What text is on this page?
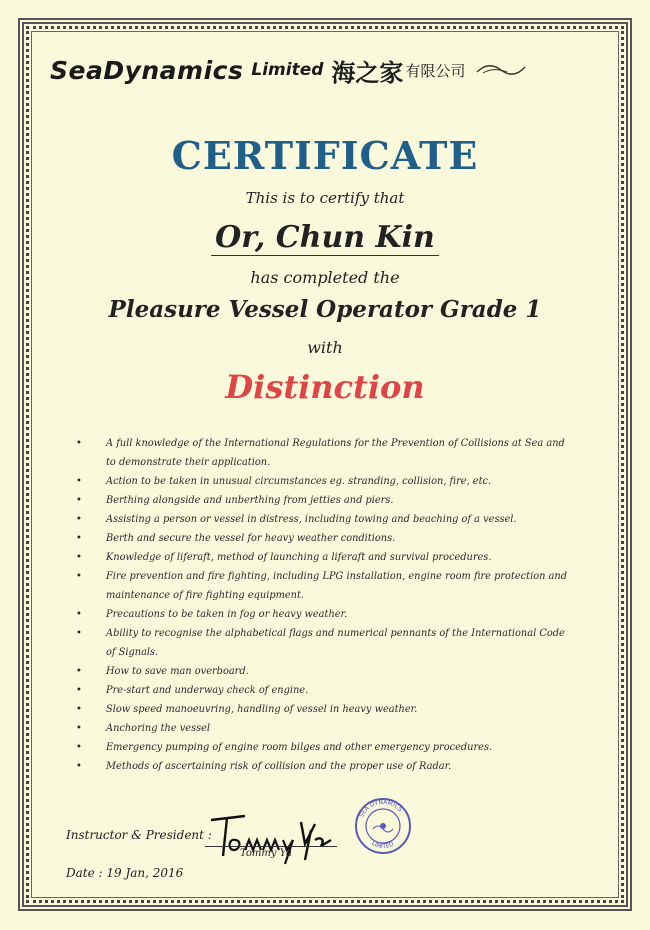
SeaDynamics Limited 海之家 有限公司
CERTIFICATE
This is to certify that
Or, Chun Kin
has completed the
Pleasure Vessel Operator Grade 1
with
Distinction
• A full knowledge of the International Regulations for the Prevention of Collisions at Sea and to demonstrate their application.
• Action to be taken in unusual circumstances eg. stranding, collision, fire, etc.
• Berthing alongside and unberthing from jetties and piers.
• Assisting a person or vessel in distress, including towing and beaching of a vessel.
• Berth and secure the vessel for heavy weather conditions.
• Knowledge of liferaft, method of launching a liferaft and survival procedures.
• Fire prevention and fire fighting, including LPG installation, engine room fire protection and maintenance of fire fighting equipment.
• Precautions to be taken in fog or heavy weather.
• Ability to recognise the alphabetical flags and numerical pennants of the International Code of Signals.
• How to save man overboard.
• Pre-start and underway check of engine.
• Slow speed manoeuvring, handling of vessel in heavy weather.
• Anchoring the vessel
• Emergency pumping of engine room bilges and other emergency procedures.
• Methods of ascertaining risk of collision and the proper use of Radar.
Instructor & President :
Tommy Yu
SEA DYNAMICS
LIMITED
Date : 19 Jan, 2016
